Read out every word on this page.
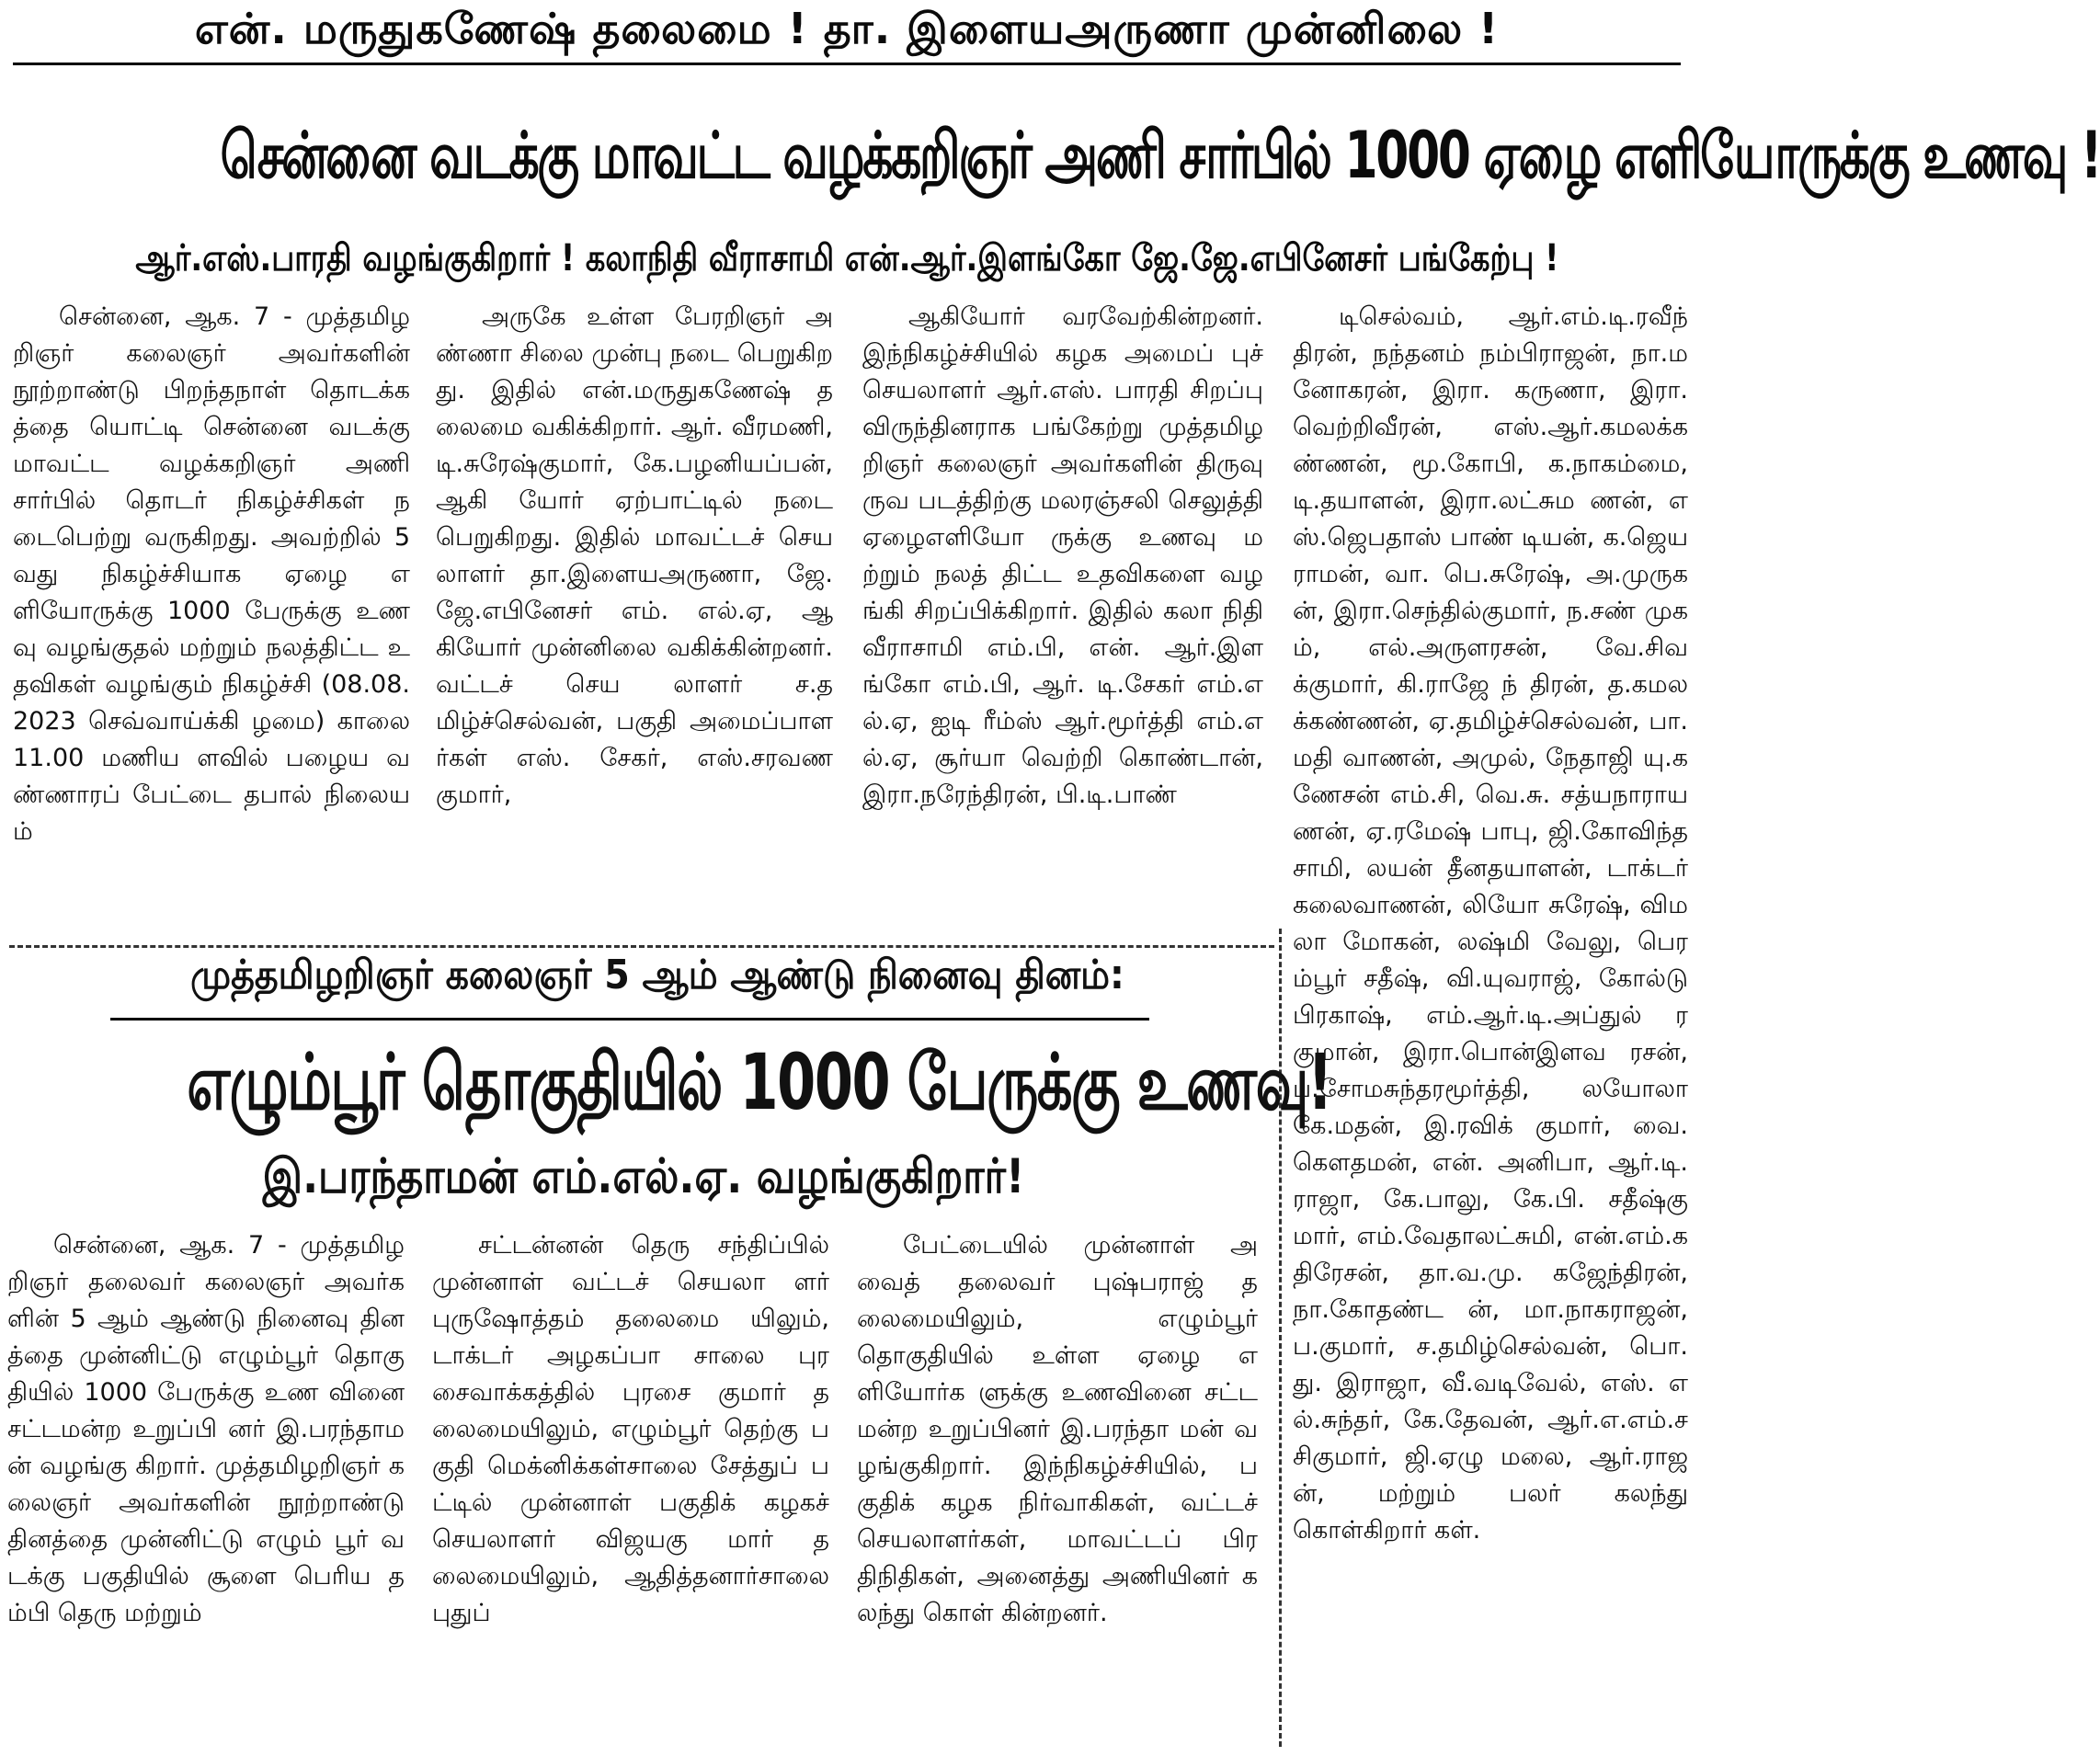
என். மருதுகணேஷ் தலைமை ! தா. இளையஅருணா முன்னிலை !
சென்னை வடக்கு மாவட்ட வழக்கறிஞர் அணி சார்பில் 1000 ஏழை எளியோருக்கு உணவு !
ஆர்.எஸ்.பாரதி வழங்குகிறார் ! கலாநிதி வீராசாமி என்.ஆர்.இளங்கோ ஜே.ஜே.எபினேசர் பங்கேற்பு !

சென்னை, ஆக. 7 - முத்தமிழறிஞர் கலைஞர் அவர்களின் நூற்றாண்டு பிறந்தநாள் தொடக்கத்தை யொட்டி சென்னை வடக்கு மாவட்ட வழக்கறிஞர் அணி சார்பில் தொடர் நிகழ்ச்சிகள் நடைபெற்று வருகிறது. அவற்றில் 5வது நிகழ்ச்சியாக ஏழை எளியோருக்கு 1000 பேருக்கு உணவு வழங்குதல் மற்றும் நலத்திட்ட உதவிகள் வழங்கும் நிகழ்ச்சி (08.08.2023 செவ்வாய்க்கி ழமை) காலை 11.00 மணிய ளவில் பழைய வண்ணாரப் பேட்டை தபால் நிலையம்

அருகே உள்ள பேரறிஞர் அண்ணா சிலை முன்பு நடை பெறுகிறது. இதில் என்.மருதுகணேஷ் தலைமை வகிக்கிறார். ஆர். வீரமணி, டி.சுரேஷ்குமார், கே.பழனியப்பன், ஆகி யோர் ஏற்பாட்டில் நடை பெறுகிறது. இதில் மாவட்டச் செயலாளர் தா.இளையஅருணா, ஜே.ஜே.எபினேசர் எம். எல்.ஏ, ஆகியோர் முன்னிலை வகிக்கின்றனர். வட்டச் செய லாளர் ச.தமிழ்ச்செல்வன், பகுதி அமைப்பாளர்கள் எஸ். சேகர், எஸ்.சரவணகுமார்,

ஆகியோர் வரவேற்கின்றனர். இந்நிகழ்ச்சியில் கழக அமைப் புச் செயலாளர் ஆர்.எஸ். பாரதி சிறப்பு விருந்தினராக பங்கேற்று முத்தமிழறிஞர் கலைஞர் அவர்களின் திருவு ருவ படத்திற்கு மலரஞ்சலி செலுத்தி ஏழைஎளியோ ருக்கு உணவு மற்றும் நலத் திட்ட உதவிகளை வழங்கி சிறப்பிக்கிறார். இதில் கலா நிதி வீராசாமி எம்.பி, என். ஆர்.இளங்கோ எம்.பி, ஆர். டி.சேகர் எம்.எல்.ஏ, ஐடி ரீம்ஸ் ஆர்.மூர்த்தி எம்.எல்.ஏ, சூர்யா வெற்றி கொண்டான், இரா.நரேந்திரன், பி.டி.பாண்

டிசெல்வம், ஆர்.எம்.டி.ரவீந் திரன், நந்தனம் நம்பிராஜன், நா.மனோகரன், இரா. கருணா, இரா.வெற்றிவீரன், எஸ்.ஆர்.கமலக்கண்ணன், மூ.கோபி, க.நாகம்மை, டி.தயாளன், இரா.லட்சும ணன், எஸ்.ஜெபதாஸ் பாண் டியன், க.ஜெயராமன், வா. பெ.சுரேஷ், அ.முருகன், இரா.செந்தில்குமார், ந.சண் முகம், எல்.அருளரசன், வே.சிவக்குமார், கி.ராஜே ந் திரன், த.கமலக்கண்ணன், ஏ.தமிழ்ச்செல்வன், பா.மதி வாணன், அமுல், நேதாஜி யு.கணேசன் எம்.சி, வெ.சு. சத்யநாராயணன், ஏ.ரமேஷ் பாபு, ஜி.கோவிந்தசாமி, லயன் தீனதயாளன், டாக்டர் கலைவாணன், லியோ சுரேஷ், விமலா மோகன், லஷ்மி வேலு, பெரம்பூர் சதீஷ், வி.யுவராஜ், கோல்டு பிரகாஷ், எம்.ஆர்.டி.அப்துல் ரகுமான், இரா.பொன்இளவ ரசன், ப.சோமசுந்தரமூர்த்தி, லயோலா கே.மதன், இ.ரவிக் குமார், வை.கௌதமன், என். அனிபா, ஆர்.டி.ராஜா, கே.பாலு, கே.பி. சதீஷ்கு மார், எம்.வேதாலட்சுமி, என்.எம்.கதிரேசன், தா.வ.மு. கஜேந்திரன், நா.கோதண்ட ன், மா.நாகராஜன், ப.குமார், ச.தமிழ்செல்வன், பொ.து. இராஜா, வீ.வடிவேல், எஸ். எல்.சுந்தர், கே.தேவன், ஆர்.எ.எம்.சசிகுமார், ஜி.ஏழு மலை, ஆர்.ராஜன், மற்றும் பலர் கலந்து கொள்கிறார் கள்.

முத்தமிழறிஞர் கலைஞர் 5 ஆம் ஆண்டு நினைவு தினம்:
எழும்பூர் தொகுதியில் 1000 பேருக்கு உணவு!
இ.பரந்தாமன் எம்.எல்.ஏ. வழங்குகிறார்!

சென்னை, ஆக. 7 - முத்தமிழறிஞர் தலைவர் கலைஞர் அவர்களின் 5 ஆம் ஆண்டு நினைவு தினத்தை முன்னிட்டு எழும்பூர் தொகு தியில் 1000 பேருக்கு உண வினை சட்டமன்ற உறுப்பி னர் இ.பரந்தாமன் வழங்கு கிறார். முத்தமிழறிஞர் கலைஞர் அவர்களின் நூற்றாண்டு தினத்தை முன்னிட்டு எழும் பூர் வடக்கு பகுதியில் சூளை பெரிய தம்பி தெரு மற்றும்

சட்டன்னன் தெரு சந்திப்பில் முன்னாள் வட்டச் செயலா ளர் புருஷோத்தம் தலைமை யிலும், டாக்டர் அழகப்பா சாலை புரசைவாக்கத்தில் புரசை குமார் தலைமையிலும், எழும்பூர் தெற்கு பகுதி மெக்னிக்கள்சாலை சேத்துப் பட்டில் முன்னாள் பகுதிக் கழகச் செயலாளர் விஜயகு மார் தலைமையிலும், ஆதித்தனார்சாலை புதுப்

பேட்டையில் முன்னாள் அவைத் தலைவர் புஷ்பராஜ் தலைமையிலும், எழும்பூர் தொகுதியில் உள்ள ஏழை எளியோர்க ளுக்கு உணவினை சட்ட மன்ற உறுப்பினர் இ.பரந்தா மன் வழங்குகிறார். இந்நிகழ்ச்சியில், பகுதிக் கழக நிர்வாகிகள், வட்டச் செயலாளர்கள், மாவட்டப் பிரதிநிதிகள், அனைத்து அணியினர் கலந்து கொள் கின்றனர்.
